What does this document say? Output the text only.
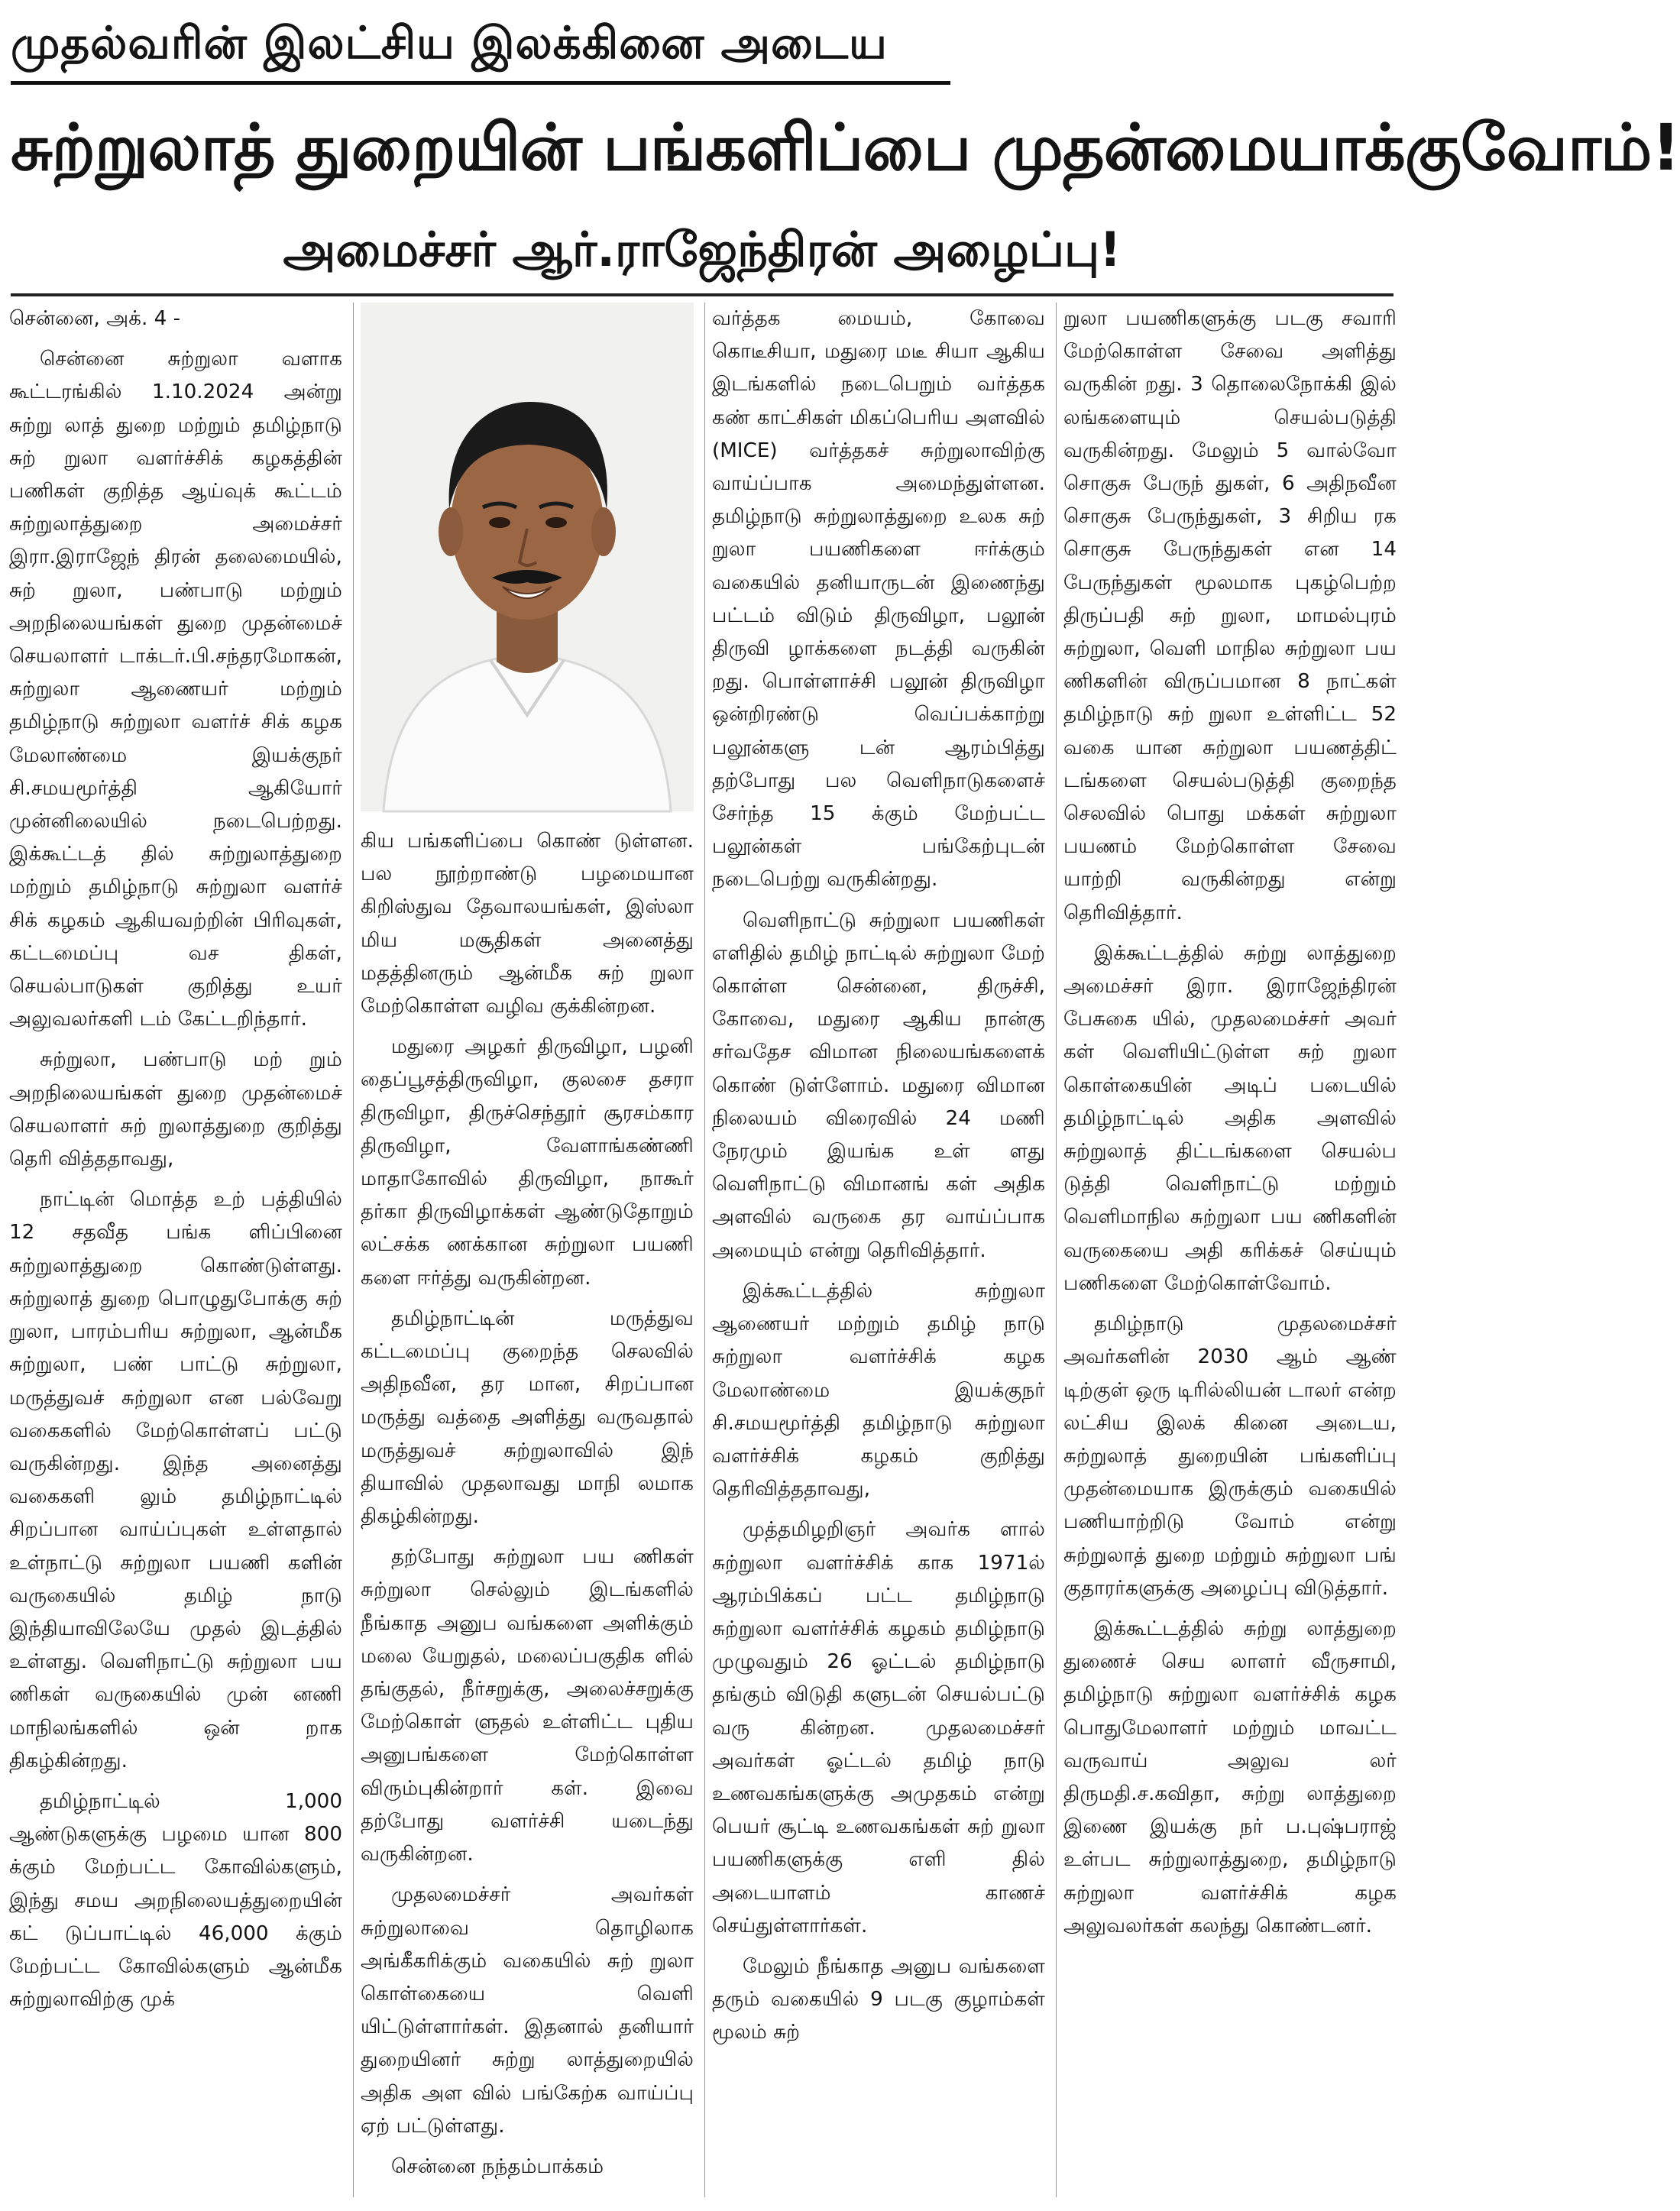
முதல்வரின் இலட்சிய இலக்கினை அடைய
சுற்றுலாத் துறையின் பங்களிப்பை முதன்மையாக்குவோம்!
அமைச்சர் ஆர்.ராஜேந்திரன் அழைப்பு!

சென்னை, அக். 4 -

சென்னை சுற்றுலா வளாக கூட்டரங்கில் 1.10.2024 அன்று சுற்று லாத் துறை மற்றும் தமிழ்நாடு சுற் றுலா வளர்ச்சிக் கழகத்தின் பணிகள் குறித்த ஆய்வுக் கூட்டம் சுற்றுலாத்துறை அமைச்சர் இரா.இராஜேந் திரன் தலைமையில், சுற் றுலா, பண்பாடு மற்றும் அறநிலையங்கள் துறை முதன்மைச் செயலாளர் டாக்டர்.பி.சந்தரமோகன், சுற்றுலா ஆணையர் மற்றும் தமிழ்நாடு சுற்றுலா வளர்ச் சிக் கழக மேலாண்மை இயக்குநர் சி.சமயமூர்த்தி ஆகியோர் முன்னிலையில் நடைபெற்றது. இக்கூட்டத் தில் சுற்றுலாத்துறை மற்றும் தமிழ்நாடு சுற்றுலா வளர்ச் சிக் கழகம் ஆகியவற்றின் பிரிவுகள், கட்டமைப்பு வச திகள், செயல்பாடுகள் குறித்து உயர் அலுவலர்களி டம் கேட்டறிந்தார்.

சுற்றுலா, பண்பாடு மற் றும் அறநிலையங்கள் துறை முதன்மைச் செயலாளர் சுற் றுலாத்துறை குறித்து தெரி வித்ததாவது,

நாட்டின் மொத்த உற் பத்தியில் 12 சதவீத பங்க ளிப்பினை சுற்றுலாத்துறை கொண்டுள்ளது. சுற்றுலாத் துறை பொழுதுபோக்கு சுற் றுலா, பாரம்பரிய சுற்றுலா, ஆன்மீக சுற்றுலா, பண் பாட்டு சுற்றுலா, மருத்துவச் சுற்றுலா என பல்வேறு வகைகளில் மேற்கொள்ளப் பட்டு வருகின்றது. இந்த அனைத்து வகைகளி லும் தமிழ்நாட்டில் சிறப்பான வாய்ப்புகள் உள்ளதால் உள்நாட்டு சுற்றுலா பயணி களின் வருகையில் தமிழ் நாடு இந்தியாவிலேயே முதல் இடத்தில் உள்ளது. வெளிநாட்டு சுற்றுலா பய ணிகள் வருகையில் முன் னணி மாநிலங்களில் ஒன் றாக திகழ்கின்றது.

தமிழ்நாட்டில் 1,000 ஆண்டுகளுக்கு பழமை யான 800 க்கும் மேற்பட்ட கோவில்களும், இந்து சமய அறநிலையத்துறையின் கட் டுப்பாட்டில் 46,000 க்கும் மேற்பட்ட கோவில்களும் ஆன்மீக சுற்றுலாவிற்கு முக்

கிய பங்களிப்பை கொண் டுள்ளன. பல நூற்றாண்டு பழமையான கிறிஸ்துவ தேவாலயங்கள், இஸ்லா மிய மசூதிகள் அனைத்து மதத்தினரும் ஆன்மீக சுற் றுலா மேற்கொள்ள வழிவ குக்கின்றன.

மதுரை அழகர் திருவிழா, பழனி தைப்பூசத்திருவிழா, குலசை தசரா திருவிழா, திருச்செந்தூர் சூரசம்கார திருவிழா, வேளாங்கண்ணி மாதாகோவில் திருவிழா, நாகூர் தர்கா திருவிழாக்கள் ஆண்டுதோறும் லட்சக்க ணக்கான சுற்றுலா பயணி களை ஈர்த்து வருகின்றன.

தமிழ்நாட்டின் மருத்துவ கட்டமைப்பு குறைந்த செலவில் அதிநவீன, தர மான, சிறப்பான மருத்து வத்தை அளித்து வருவதால் மருத்துவச் சுற்றுலாவில் இந் தியாவில் முதலாவது மாநி லமாக திகழ்கின்றது.

தற்போது சுற்றுலா பய ணிகள் சுற்றுலா செல்லும் இடங்களில் நீங்காத அனுப வங்களை அளிக்கும் மலை யேறுதல், மலைப்பகுதிக ளில் தங்குதல், நீர்சறுக்கு, அலைச்சறுக்கு மேற்கொள் ளுதல் உள்ளிட்ட புதிய அனுபங்களை மேற்கொள்ள விரும்புகின்றார் கள். இவை தற்போது வளர்ச்சி யடைந்து வருகின்றன.

முதலமைச்சர் அவர்கள் சுற்றுலாவை தொழிலாக அங்கீகரிக்கும் வகையில் சுற் றுலா கொள்கையை வெளி யிட்டுள்ளார்கள். இதனால் தனியார் துறையினர் சுற்று லாத்துறையில் அதிக அள வில் பங்கேற்க வாய்ப்பு ஏற் பட்டுள்ளது.

சென்னை நந்தம்பாக்கம்

வர்த்தக மையம், கோவை கொடீசியா, மதுரை மடீ சியா ஆகிய இடங்களில் நடைபெறும் வர்த்தக கண் காட்சிகள் மிகப்பெரிய அளவில் (MICE) வர்த்தகச் சுற்றுலாவிற்கு வாய்ப்பாக அமைந்துள்ளன. தமிழ்நாடு சுற்றுலாத்துறை உலக சுற் றுலா பயணிகளை ஈர்க்கும் வகையில் தனியாருடன் இணைந்து பட்டம் விடும் திருவிழா, பலூன் திருவி ழாக்களை நடத்தி வருகின் றது. பொள்ளாச்சி பலூன் திருவிழா ஒன்றிரண்டு வெப்பக்காற்று பலூன்களு டன் ஆரம்பித்து தற்போது பல வெளிநாடுகளைச் சேர்ந்த 15 க்கும் மேற்பட்ட பலூன்கள் பங்கேற்புடன் நடைபெற்று வருகின்றது.

வெளிநாட்டு சுற்றுலா பயணிகள் எளிதில் தமிழ் நாட்டில் சுற்றுலா மேற் கொள்ள சென்னை, திருச்சி, கோவை, மதுரை ஆகிய நான்கு சர்வதேச விமான நிலையங்களைக் கொண் டுள்ளோம். மதுரை விமான நிலையம் விரைவில் 24 மணி நேரமும் இயங்க உள் ளது வெளிநாட்டு விமானங் கள் அதிக அளவில் வருகை தர வாய்ப்பாக அமையும் என்று தெரிவித்தார்.

இக்கூட்டத்தில் சுற்றுலா ஆணையர் மற்றும் தமிழ் நாடு சுற்றுலா வளர்ச்சிக் கழக மேலாண்மை இயக்குநர் சி.சமயமூர்த்தி தமிழ்நாடு சுற்றுலா வளர்ச்சிக் கழகம் குறித்து தெரிவித்ததாவது,

முத்தமிழறிஞர் அவர்க ளால் சுற்றுலா வளர்ச்சிக் காக 1971ல் ஆரம்பிக்கப் பட்ட தமிழ்நாடு சுற்றுலா வளர்ச்சிக் கழகம் தமிழ்நாடு முழுவதும் 26 ஓட்டல் தமிழ்நாடு தங்கும் விடுதி களுடன் செயல்பட்டு வரு கின்றன. முதலமைச்சர் அவர்கள் ஓட்டல் தமிழ் நாடு உணவகங்களுக்கு அமுதகம் என்று பெயர் சூட்டி உணவகங்கள் சுற் றுலா பயணிகளுக்கு எளி தில் அடையாளம் காணச் செய்துள்ளார்கள்.

மேலும் நீங்காத அனுப வங்களை தரும் வகையில் 9 படகு குழாம்கள் மூலம் சுற்

றுலா பயணிகளுக்கு படகு சவாரி மேற்கொள்ள சேவை அளித்து வருகின் றது. 3 தொலைநோக்கி இல் லங்களையும் செயல்படுத்தி வருகின்றது. மேலும் 5 வால்வோ சொகுசு பேருந் துகள், 6 அதிநவீன சொகுசு பேருந்துகள், 3 சிறிய ரக சொகுசு பேருந்துகள் என 14 பேருந்துகள் மூலமாக புகழ்பெற்ற திருப்பதி சுற் றுலா, மாமல்புரம் சுற்றுலா, வெளி மாநில சுற்றுலா பய ணிகளின் விருப்பமான 8 நாட்கள் தமிழ்நாடு சுற் றுலா உள்ளிட்ட 52 வகை யான சுற்றுலா பயணத்திட் டங்களை செயல்படுத்தி குறைந்த செலவில் பொது மக்கள் சுற்றுலா பயணம் மேற்கொள்ள சேவை யாற்றி வருகின்றது என்று தெரிவித்தார்.

இக்கூட்டத்தில் சுற்று லாத்துறை அமைச்சர் இரா. இராஜேந்திரன் பேசுகை யில், முதலமைச்சர் அவர் கள் வெளியிட்டுள்ள சுற் றுலா கொள்கையின் அடிப் படையில் தமிழ்நாட்டில் அதிக அளவில் சுற்றுலாத் திட்டங்களை செயல்ப டுத்தி வெளிநாட்டு மற்றும் வெளிமாநில சுற்றுலா பய ணிகளின் வருகையை அதி கரிக்கச் செய்யும் பணிகளை மேற்கொள்வோம்.

தமிழ்நாடு முதலமைச்சர் அவர்களின் 2030 ஆம் ஆண் டிற்குள் ஒரு டிரில்லியன் டாலர் என்ற லட்சிய இலக் கினை அடைய, சுற்றுலாத் துறையின் பங்களிப்பு முதன்மையாக இருக்கும் வகையில் பணியாற்றிடு வோம் என்று சுற்றுலாத் துறை மற்றும் சுற்றுலா பங் குதாரர்களுக்கு அழைப்பு விடுத்தார்.

இக்கூட்டத்தில் சுற்று லாத்துறை துணைச் செய லாளர் வீருசாமி, தமிழ்நாடு சுற்றுலா வளர்ச்சிக் கழக பொதுமேலாளர் மற்றும் மாவட்ட வருவாய் அலுவ லர் திருமதி.ச.கவிதா, சுற்று லாத்துறை இணை இயக்கு நர் ப.புஷ்பராஜ் உள்பட சுற்றுலாத்துறை, தமிழ்நாடு சுற்றுலா வளர்ச்சிக் கழக அலுவலர்கள் கலந்து கொண்டனர்.
